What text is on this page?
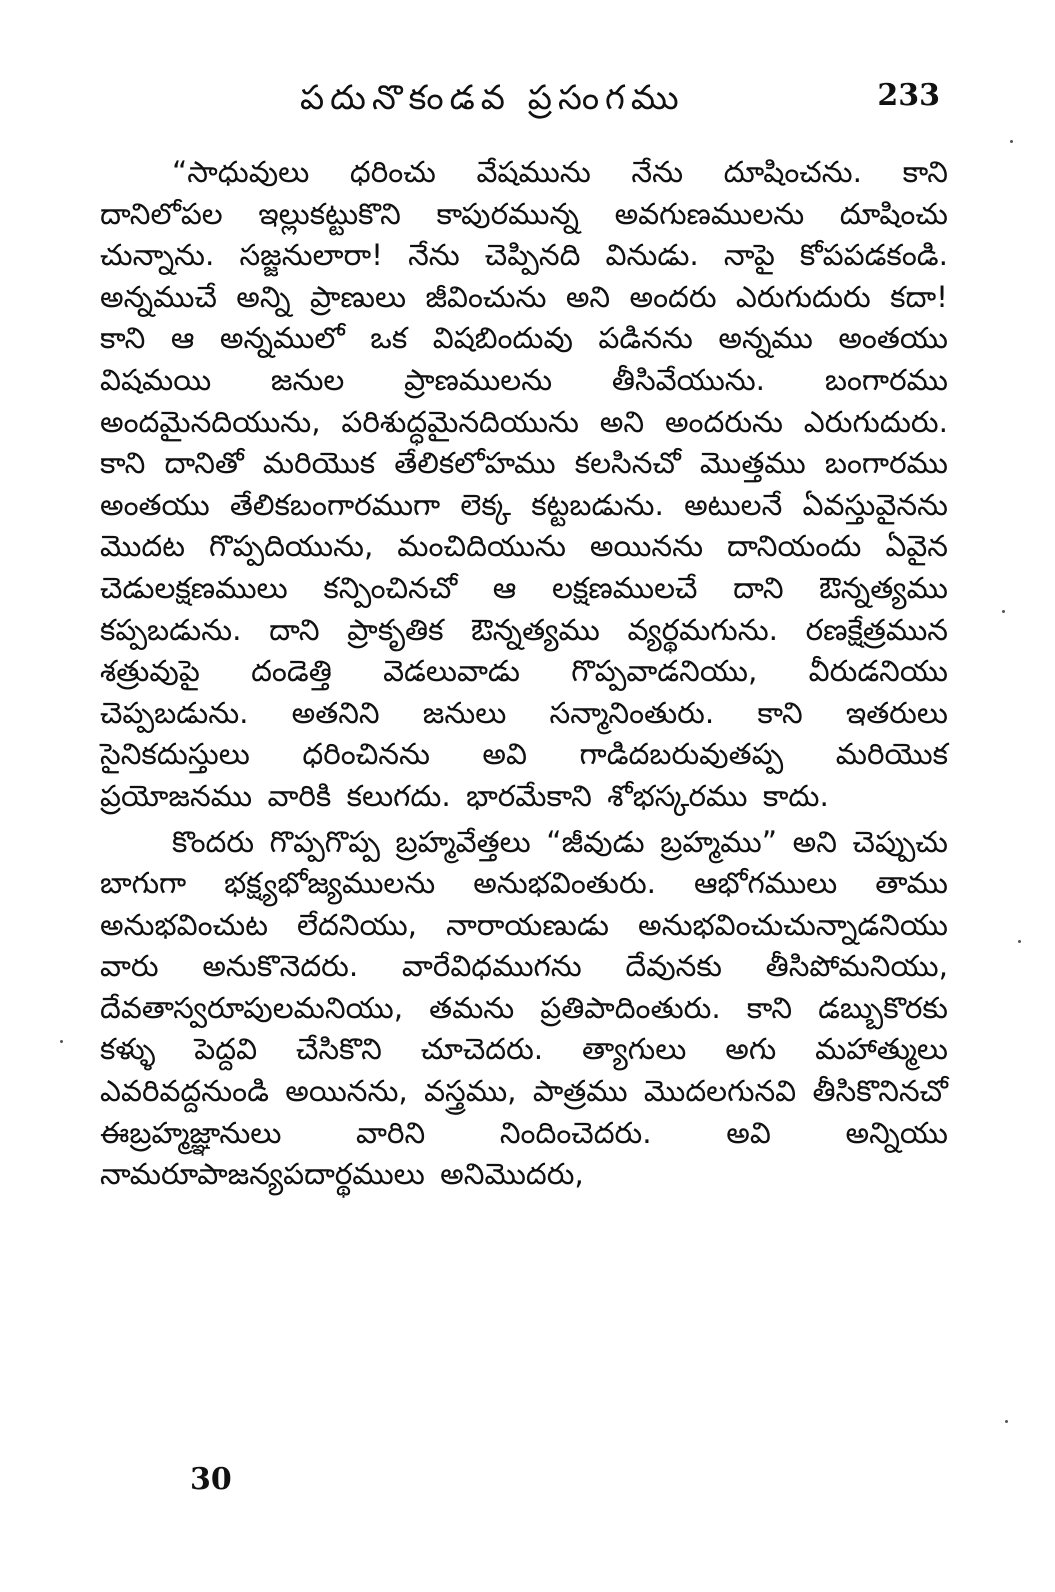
పదునొకండవ ప్రసంగము	233

“సాధువులు ధరించు వేషమును నేను దూషించను. కాని దానిలోపల ఇల్లుకట్టుకొని కాపురమున్న అవగుణములను దూషించు చున్నాను. సజ్జనులారా! నేను చెప్పినది వినుడు. నాపై కోపపడకండి. అన్నముచే అన్ని ప్రాణులు జీవించును అని అందరు ఎరుగుదురు కదా! కాని ఆ అన్నములో ఒక విషబిందువు పడినను అన్నము అంతయు విషమయి జనుల ప్రాణములను తీసివేయును. బంగారము అందమైనదియును, పరిశుద్ధమైనదియును అని అందరును ఎరుగుదురు. కాని దానితో మరియొక తేలికలోహము కలసినచో మొత్తము బంగారము అంతయు తేలికబంగారముగా లెక్క కట్టబడును. అటులనే ఏవస్తువైనను మొదట గొప్పదియును, మంచిదియును అయినను దానియందు ఏవైన చెడులక్షణములు కన్పించినచో ఆ లక్షణములచే దాని ఔన్నత్యము కప్పబడును. దాని ప్రాకృతిక ఔన్నత్యము వ్యర్థమగును. రణక్షేత్రమున శత్రువుపై దండెత్తి వెడలువాడు గొప్పవాడనియు, వీరుడనియు చెప్పబడును. అతనిని జనులు సన్మానింతురు. కాని ఇతరులు సైనికదుస్తులు ధరించినను అవి గాడిదబరువుతప్ప మరియొక ప్రయోజనము వారికి కలుగదు. భారమేకాని శోభస్కరము కాదు.

కొందరు గొప్పగొప్ప బ్రహ్మవేత్తలు “జీవుడు బ్రహ్మము” అని చెప్పుచు బాగుగా భక్ష్యభోజ్యములను అనుభవింతురు. ఆభోగములు తాము అనుభవించుట లేదనియు, నారాయణుడు అనుభవించుచున్నాడనియు వారు అనుకొనెదరు. వారేవిధముగను దేవునకు తీసిపోమనియు, దేవతాస్వరూపులమనియు, తమను ప్రతిపాదింతురు. కాని డబ్బుకొరకు కళ్ళు పెద్దవి చేసికొని చూచెదరు. త్యాగులు అగు మహాత్ములు ఎవరివద్దనుండి అయినను, వస్త్రము, పాత్రము మొదలగునవి తీసికొనినచో ఈబ్రహ్మజ్ఞానులు వారిని నిందించెదరు. అవి అన్నియు నామరూపాజన్యపదార్థములు అనిమొదరు,

30
